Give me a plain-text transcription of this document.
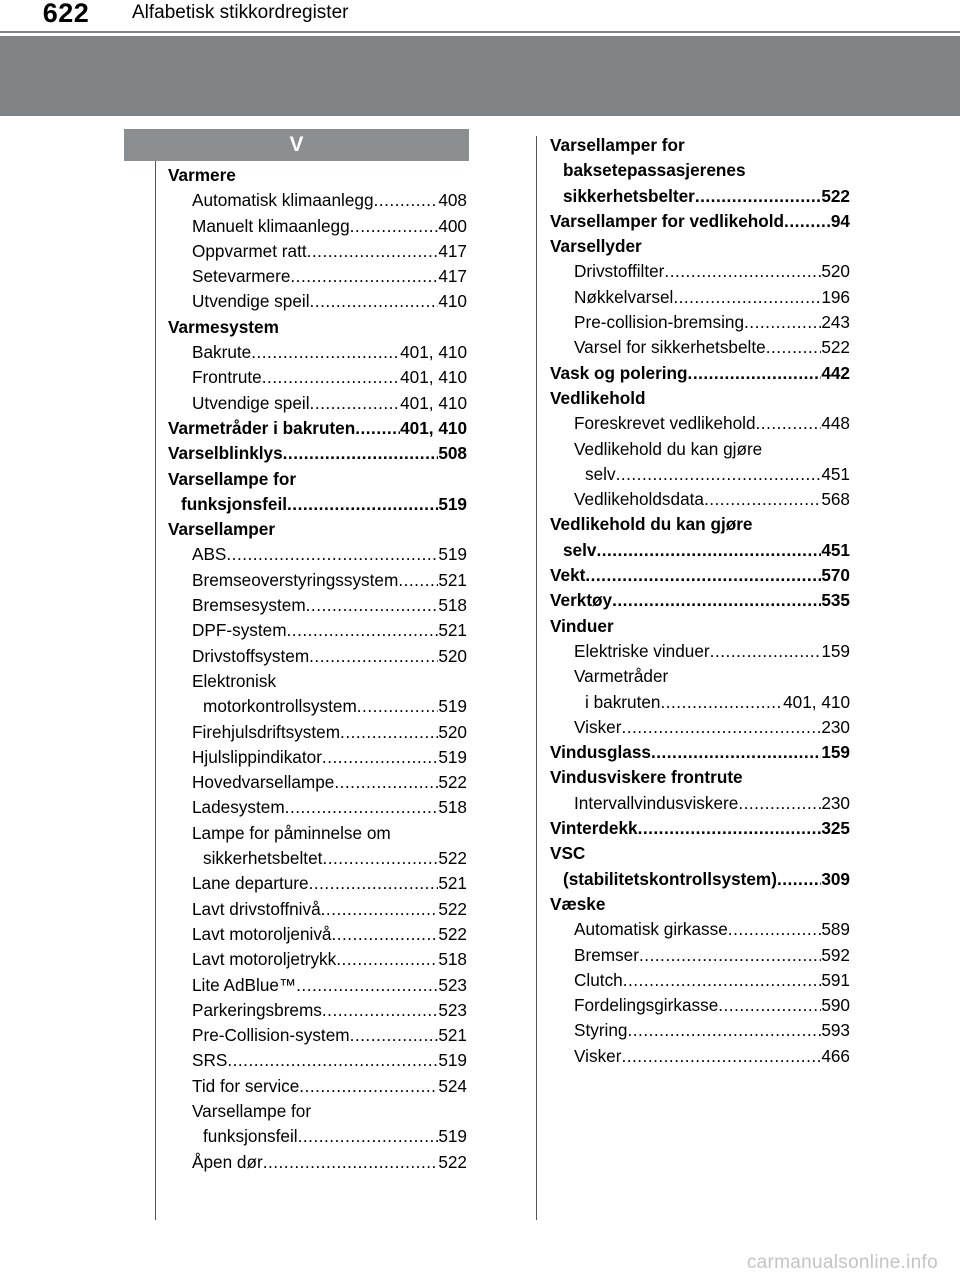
622	Alfabetisk stikkordregister
V
Varmere
Automatisk klimaanlegg .....	408
Manuelt klimaanlegg .....	400
Oppvarmet ratt .....	417
Setevarmere .....	417
Utvendige speil .....	410
Varmesystem
Bakrute .....	401, 410
Frontrute .....	401, 410
Utvendige speil .....	401, 410
Varmetråder i bakruten .....	401, 410
Varselblinklys .....	508
Varsellampe for
funksjonsfeil .....	519
Varsellamper
ABS .....	519
Bremseoverstyringssystem ..... 521
Bremsesystem .....	518
DPF-system .....	521
Drivstoffsystem .....	520
Elektronisk
motorkontrollsystem .....	519
Firehjulsdriftsystem .....	520
Hjulslippindikator .....	519
Hovedvarsellampe .....	522
Ladesystem .....	518
Lampe for påminnelse om
sikkerhetsbeltet .....	522
Lane departure .....	521
Lavt drivstoffnivå .....	522
Lavt motoroljenivå .....	522
Lavt motoroljetrykk .....	518
Lite AdBlue™ .....	523
Parkeringsbrems .....	523
Pre-Collision-system .....	521
SRS .....	519
Tid for service .....	524
Varsellampe for
funksjonsfeil .....	519
Åpen dør .....	522
Varsellamper for
baksetepassasjerenes
sikkerhetsbelter .....	522
Varsellamper for vedlikehold .....	94
Varsellyder
Drivstoffilter .....	520
Nøkkelvarsel .....	196
Pre-collision-bremsing .....	243
Varsel for sikkerhetsbelte .....	522
Vask og polering .....	442
Vedlikehold
Foreskrevet vedlikehold .....	448
Vedlikehold du kan gjøre
selv .....	451
Vedlikeholdsdata .....	568
Vedlikehold du kan gjøre
selv .....	451
Vekt .....	570
Verktøy .....	535
Vinduer
Elektriske vinduer .....	159
Varmetråder
i bakruten .....	401, 410
Visker .....	230
Vindusglass .....	159
Vindusviskere frontrute
Intervallvindusviskere .....	230
Vinterdekk .....	325
VSC
(stabilitetskontrollsystem) .....	309
Væske
Automatisk girkasse .....	589
Bremser .....	592
Clutch .....	591
Fordelingsgirkasse .....	590
Styring .....	593
Visker .....	466
carmanualsonline.info
